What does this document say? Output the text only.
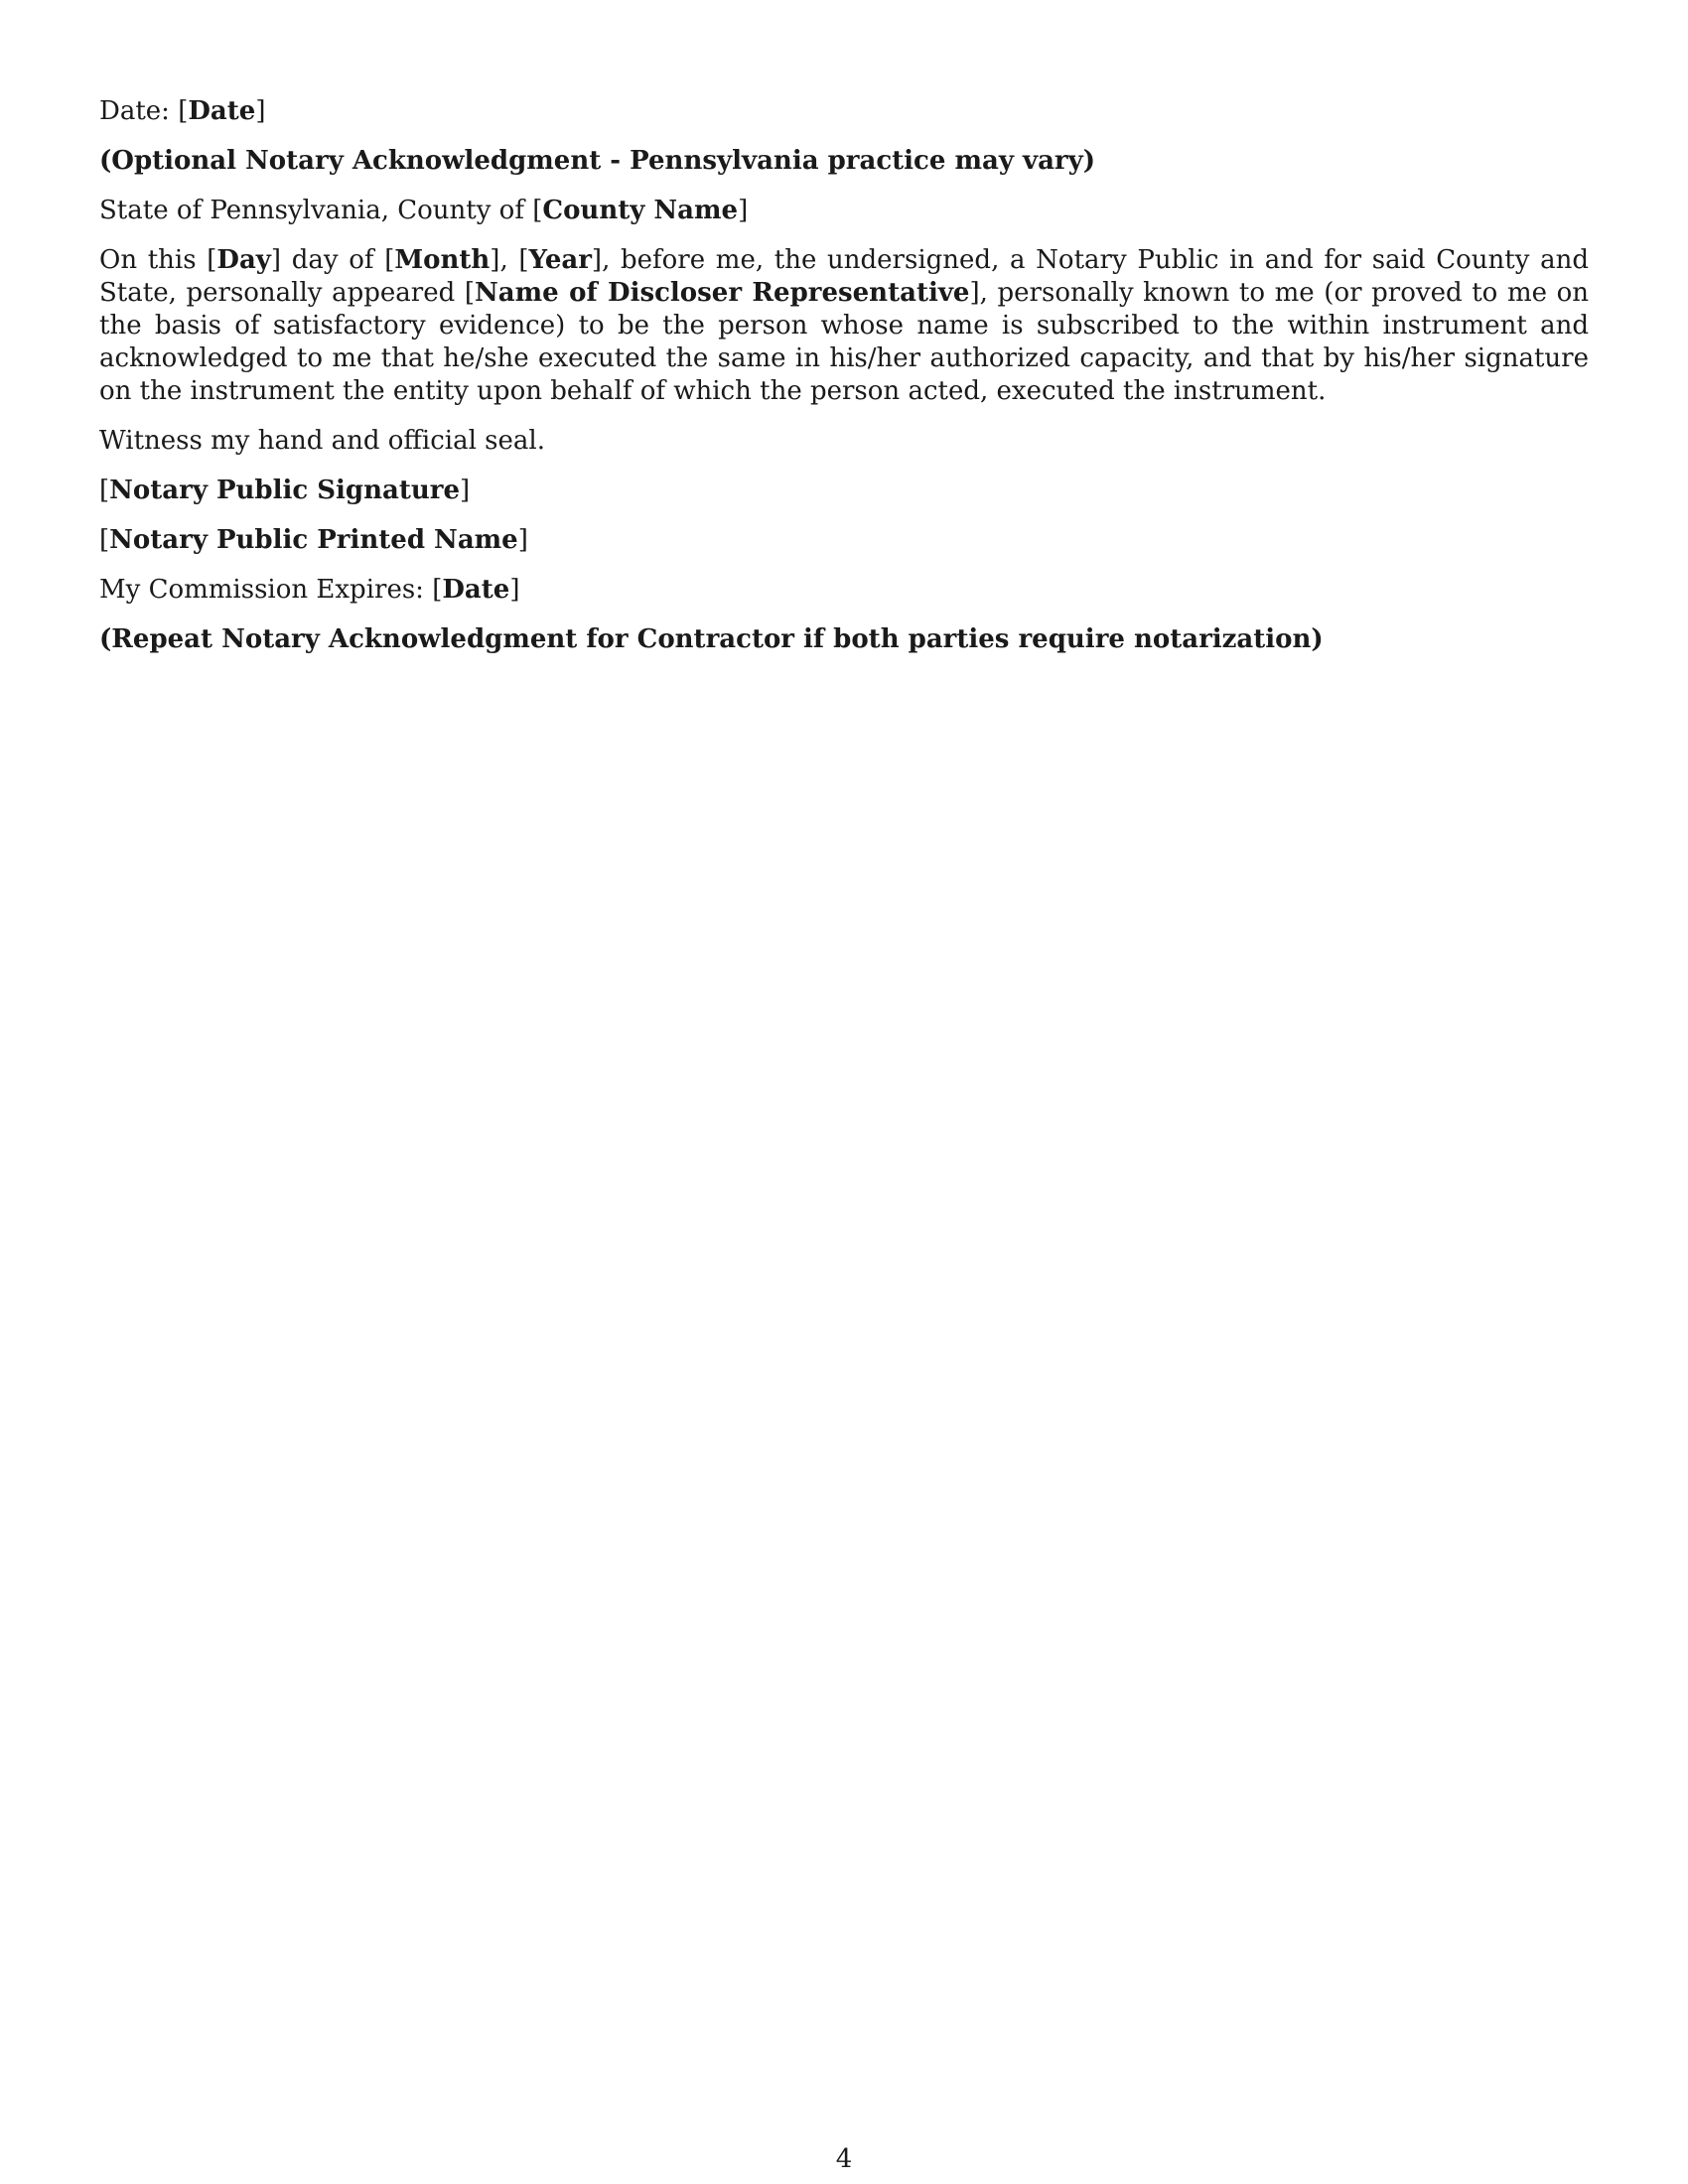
Date: [Date]

(Optional Notary Acknowledgment - Pennsylvania practice may vary)

State of Pennsylvania, County of [County Name]

On this [Day] day of [Month], [Year], before me, the undersigned, a Notary Public in and for said County and State, personally appeared [Name of Discloser Representative], personally known to me (or proved to me on the basis of satisfactory evidence) to be the person whose name is subscribed to the within instrument and acknowledged to me that he/she executed the same in his/her authorized capacity, and that by his/her signature on the instrument the entity upon behalf of which the person acted, executed the instrument.

Witness my hand and official seal.

[Notary Public Signature]

[Notary Public Printed Name]

My Commission Expires: [Date]

(Repeat Notary Acknowledgment for Contractor if both parties require notarization)

4
